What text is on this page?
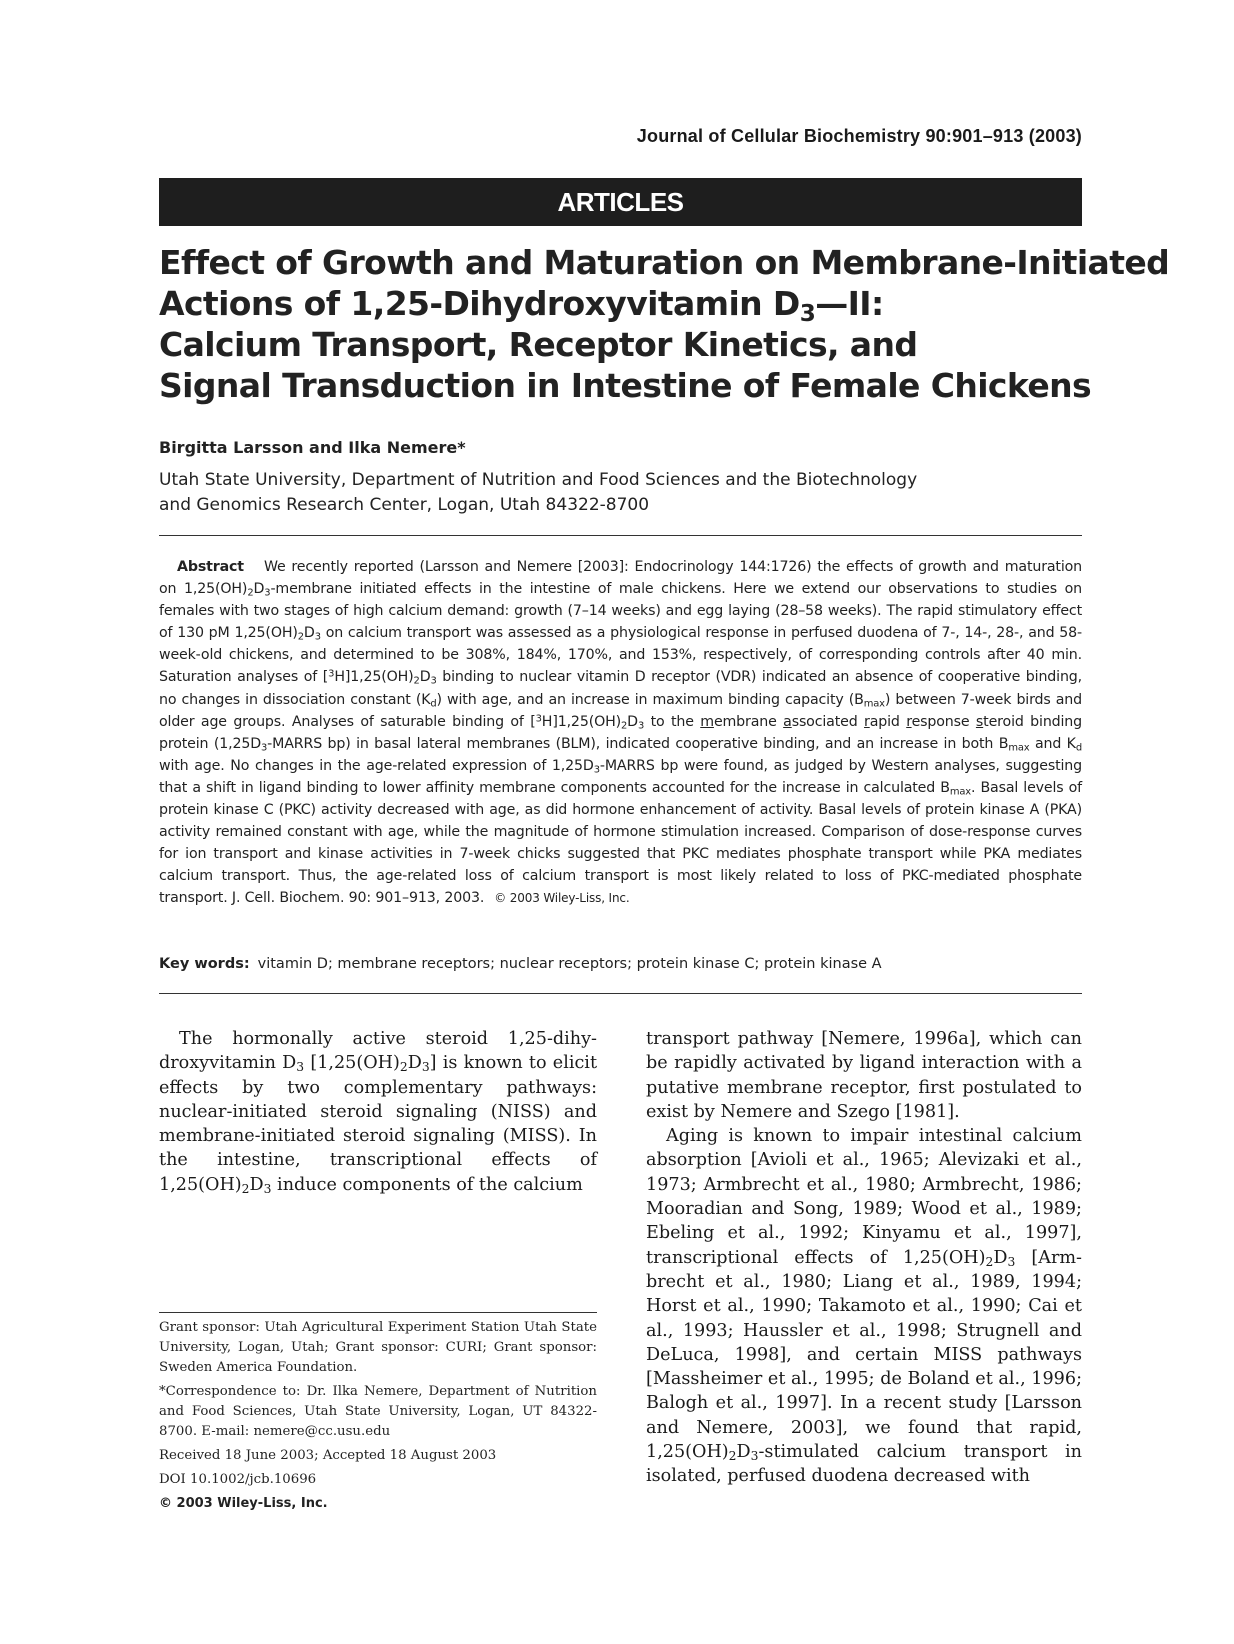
Journal of Cellular Biochemistry 90:901–913 (2003)
ARTICLES
Effect of Growth and Maturation on Membrane-Initiated
Actions of 1,25-Dihydroxyvitamin $D_3—II$:
Calcium Transport, Receptor Kinetics, and
Signal Transduction in Intestine of Female Chickens
Birgitta Larsson and Ilka Nemere*
Utah State University, Department of Nutrition and Food Sciences and the Biotechnology
and Genomics Research Center, Logan, Utah 84322-8700
Abstract We recently reported (Larsson and Nemere [2003]: Endocrinology 144:1726) the effects of growth and maturation on $1,25(OH)_2D_3$-membrane initiated effects in the intestine of male chickens. Here we extend our observations to studies on females with two stages of high calcium demand: growth (7–14 weeks) and egg laying (28–58 weeks). The rapid stimulatory effect of 130 pM $1,25(OH)_2D_3$ on calcium transport was assessed as a physiological response in perfused duodena of 7-, 14-, 28-, and 58-week-old chickens, and determined to be 308%, 184%, 170%, and 153%, respectively, of corresponding controls after 40 min. Saturation analyses of $[^3H]1,25(OH)_2D_3$ binding to nuclear vitamin D receptor (VDR) indicated an absence of cooperative binding, no changes in dissociation constant $(K_d)$ with age, and an increase in maximum binding capacity $(B_{max})$ between 7-week birds and older age groups. Analyses of saturable binding of $[^3H]1,25(OH)_2D_3$ to the membrane associated rapid response steroid binding protein ($1,25D_3$-MARRS bp) in basal lateral membranes (BLM), indicated cooperative binding, and an increase in both $B_{max}$ and $K_d$ with age. No changes in the age-related expression of $1,25D_3$-MARRS bp were found, as judged by Western analyses, suggesting that a shift in ligand binding to lower affinity membrane components accounted for the increase in calculated $B_{max}$. Basal levels of protein kinase C (PKC) activity decreased with age, as did hormone enhancement of activity. Basal levels of protein kinase A (PKA) activity remained constant with age, while the magnitude of hormone stimulation increased. Comparison of dose-response curves for ion transport and kinase activities in 7-week chicks suggested that PKC mediates phosphate transport while PKA mediates calcium transport. Thus, the age-related loss of calcium transport is most likely related to loss of PKC-mediated phosphate transport. J. Cell. Biochem. 90: 901–913, 2003. © 2003 Wiley-Liss, Inc.
Key words: vitamin D; membrane receptors; nuclear receptors; protein kinase C; protein kinase A

The hormonally active steroid 1,25-dihydroxyvitamin $D_3$ $[1,25(OH)_2D_3]$ is known to elicit effects by two complementary pathways: nuclear-initiated steroid signaling (NISS) and membrane-initiated steroid signaling (MISS). In the intestine, transcriptional effects of $1,25(OH)_2D_3$ induce components of the calcium

Grant sponsor: Utah Agricultural Experiment Station Utah State University, Logan, Utah; Grant sponsor: CURI; Grant sponsor: Sweden America Foundation.

*Correspondence to: Dr. Ilka Nemere, Department of Nutrition and Food Sciences, Utah State University, Logan, UT 84322-8700. E-mail: nemere@cc.usu.edu

Received 18 June 2003; Accepted 18 August 2003

DOI 10.1002/jcb.10696

© 2003 Wiley-Liss, Inc.

transport pathway [Nemere, 1996a], which can be rapidly activated by ligand interaction with a putative membrane receptor, first postulated to exist by Nemere and Szego [1981].

Aging is known to impair intestinal calcium absorption [Avioli et al., 1965; Alevizaki et al., 1973; Armbrecht et al., 1980; Armbrecht, 1986; Mooradian and Song, 1989; Wood et al., 1989; Ebeling et al., 1992; Kinyamu et al., 1997], transcriptional effects of $1,25(OH)_2D_3$ [Armbrecht et al., 1980; Liang et al., 1989, 1994; Horst et al., 1990; Takamoto et al., 1990; Cai et al., 1993; Haussler et al., 1998; Strugnell and DeLuca, 1998], and certain MISS pathways [Massheimer et al., 1995; de Boland et al., 1996; Balogh et al., 1997]. In a recent study [Larsson and Nemere, 2003], we found that rapid, $1,25(OH)_2D_3$-stimulated calcium transport in isolated, perfused duodena decreased with
